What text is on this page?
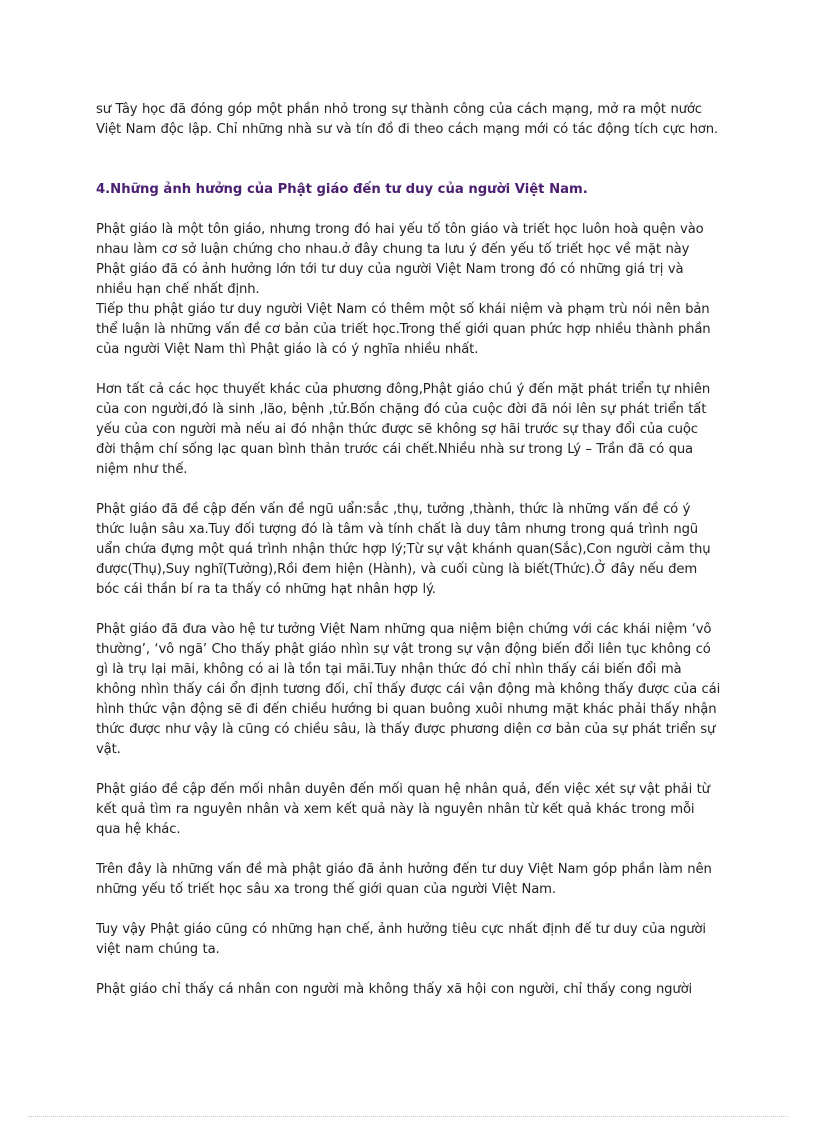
sư Tây học đã đóng góp một phần nhỏ trong sự thành công của cách mạng, mở ra một nước Việt Nam độc lập. Chỉ những nhà sư và tín đồ đi theo cách mạng mới có tác động tích cực hơn.

4.Những ảnh hưởng của Phật giáo đến tư duy của người Việt Nam.

Phật giáo là một tôn giáo, nhưng trong đó hai yếu tố tôn giáo và triết học luôn hoà quện vào nhau làm cơ sở luận chứng cho nhau.ở đây chung ta lưu ý đến yếu tố triết học về mặt này Phật giáo đã có ảnh hưởng lớn tới tư duy của người Việt Nam trong đó có những giá trị và nhiều hạn chế nhất định.

Tiếp thu phật giáo tư duy người Việt Nam có thêm một số khái niệm và phạm trù nói nên bản thể luận là những vấn đề cơ bản của triết học.Trong thế giới quan phức hợp nhiều thành phần của người Việt Nam thì Phật giáo là có ý nghĩa nhiều nhất.

Hơn tất cả các học thuyết khác của phương đông,Phật giáo chú ý đến mặt phát triển tự nhiên của con người,đó là sinh ,lão, bệnh ,tử.Bốn chặng đó của cuộc đời đã nói lên sự phát triển tất yếu của con người mà nếu ai đó nhận thức được sẽ không sợ hãi trước sự thay đổi của cuộc đời thậm chí sống lạc quan bình thản trước cái chết.Nhiều nhà sư trong Lý – Trần đã có qua niệm như thế.

Phật giáo đã đề cập đến vấn đề ngũ uẩn:sắc ,thụ, tưởng ,thành, thức là những vấn đề có ý thức luận sâu xa.Tuy đối tượng đó là tâm và tính chất là duy tâm nhưng trong quá trình ngũ uẩn chứa đựng một quá trình nhận thức hợp lý;Từ sự vật khánh quan(Sắc),Con người cảm thụ được(Thụ),Suy nghĩ(Tưởng),Rồi đem hiện (Hành), và cuối cùng là biết(Thức).Ở đây nếu đem bóc cái thần bí ra ta thấy có những hạt nhân hợp lý.

Phật giáo đã đưa vào hệ tư tưởng Việt Nam những qua niệm biện chứng với các khái niệm ‘vô thường’, ‘vô ngã’ Cho thấy phật giáo nhìn sự vật trong sự vận động biến đổi liên tục không có gì là trụ lại mãi, không có ai là tồn tại mãi.Tuy nhận thức đó chỉ nhìn thấy cái biến đổi mà không nhìn thấy cái ổn định tương đối, chỉ thấy được cái vận động mà không thấy được của cái hình thức vận động sẽ đi đến chiều hướng bi quan buông xuôi nhưng mặt khác phải thấy nhận thức được như vậy là cũng có chiều sâu, là thấy được phương diện cơ bản của sự phát triển sự vật.

Phật giáo đề cập đến mối nhân duyên đến mối quan hệ nhân quả, đến việc xét sự vật phải từ kết quả tìm ra nguyên nhân và xem kết quả này là nguyên nhân từ kết quả khác trong mỗi qua hệ khác.

Trên đây là những vấn đề mà phật giáo đã ảnh hưởng đến tư duy Việt Nam góp phần làm nên những yếu tố triết học sâu xa trong thế giới quan của người Việt Nam.

Tuy vậy Phật giáo cũng có những hạn chế, ảnh hưởng tiêu cực nhất định đế tư duy của người việt nam chúng ta.

Phật giáo chỉ thấy cá nhân con người mà không thấy xã hội con người, chỉ thấy cong người
